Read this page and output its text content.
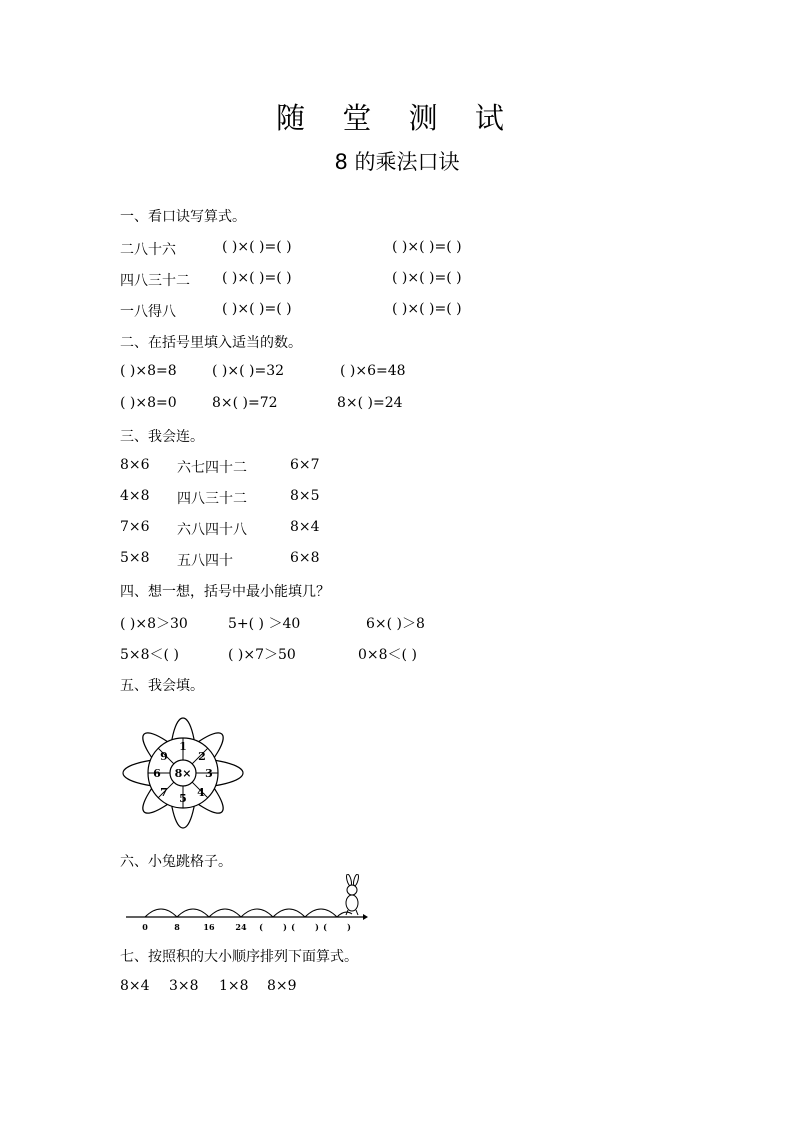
随 堂 测 试
8 的乘法口诀
一、看口诀写算式。
二八十六	( )×( )=( )	( )×( )=( )
四八三十二 ( )×( )=( )	( )×( )=( )
一八得八	( )×( )=( )	( )×( )=( )
二、在括号里填入适当的数。
( )×8=8	( )×( )=32	( )×6=48
( )×8=0	8×( )=72	8×( )=24
三、我会连。
8×6 六七四十二	6×7
4×8 四八三十二	8×5
7×6 六八四十八	8×4
5×8 五八四十	6×8
四、想一想，括号中最小能填几？
( )×8＞30	5+( ) ＞40	6×( )＞8
5×8＜( )	( )×7＞50	0×8＜( )
五、我会填。
8×
1
2
3
4
5
7
6
9
六、小兔跳格子。
0	8	16	24 (	) (	) (	)
七、按照积的大小顺序排列下面算式。
8×4 3×8 1×8 8×9
